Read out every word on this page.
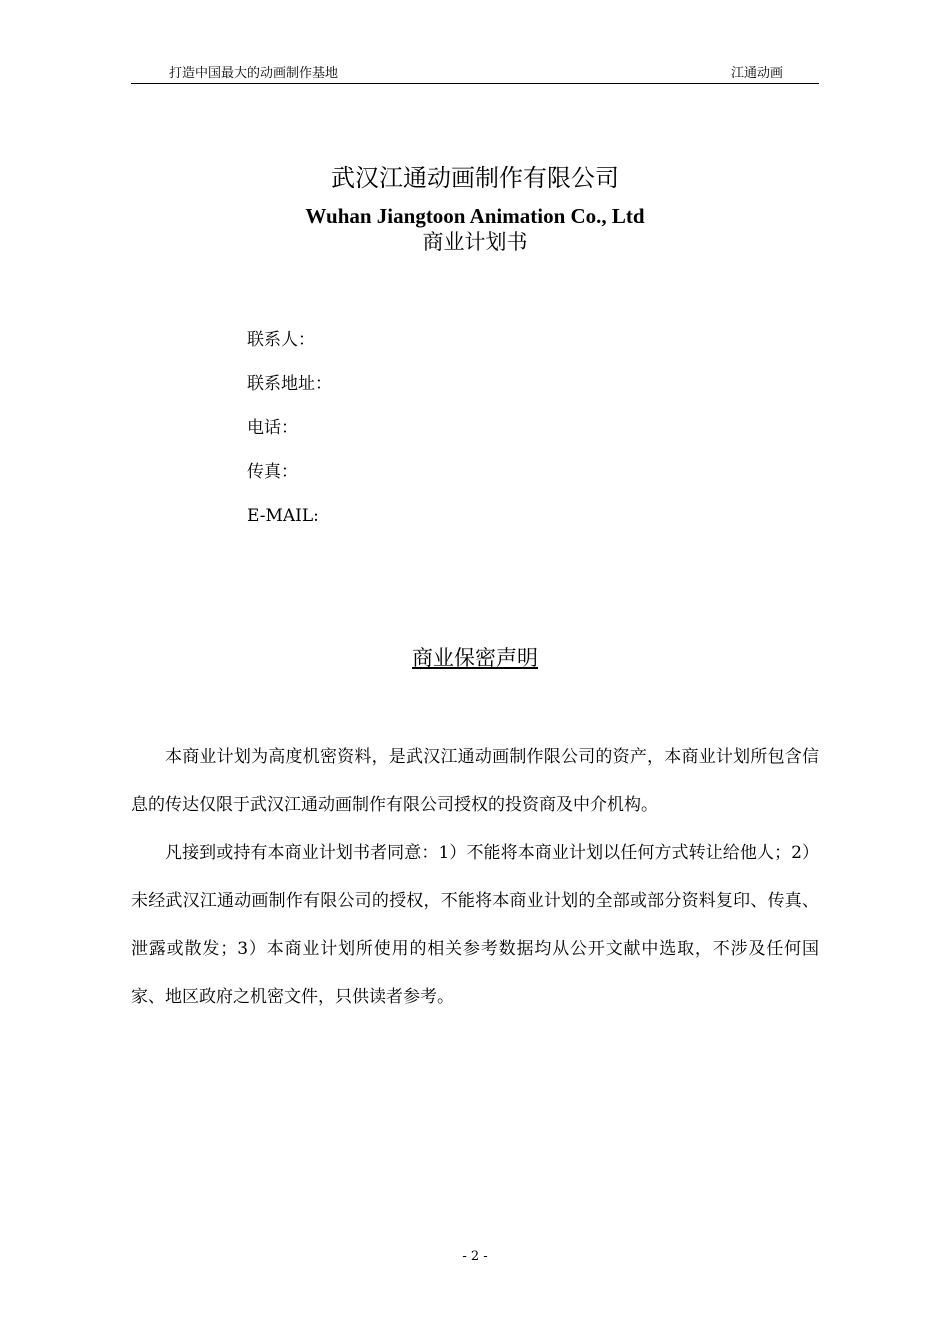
打造中国最大的动画制作基地	江通动画
武汉江通动画制作有限公司
Wuhan Jiangtoon Animation Co., Ltd
商业计划书
联系人：
联系地址：
电话：
传真：
E-MAIL:
商业保密声明

本商业计划为高度机密资料，是武汉江通动画制作限公司的资产，本商业计划所包含信息的传达仅限于武汉江通动画制作有限公司授权的投资商及中介机构。

凡接到或持有本商业计划书者同意：1）不能将本商业计划以任何方式转让给他人；2）未经武汉江通动画制作有限公司的授权，不能将本商业计划的全部或部分资料复印、传真、泄露或散发；3）本商业计划所使用的相关参考数据均从公开文献中选取，不涉及任何国家、地区政府之机密文件，只供读者参考。

- 2 -
